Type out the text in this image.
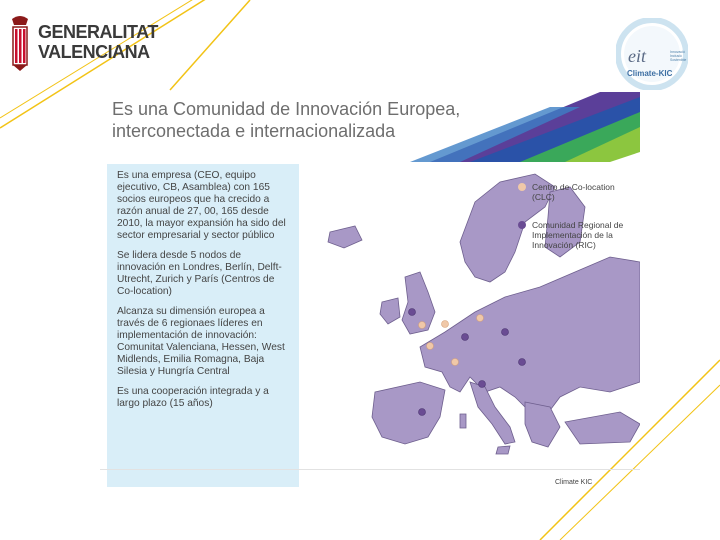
GENERALITAT
VALENCIANA	eit	Innovació Inclusió Sostenible
Climate-KIC
Es una Comunidad de Innovación Europea,
interconectada e internacionalizada
Es una empresa (CEO, equipo ejecutivo, CB, Asamblea) con 165 socios europeos que ha crecido a razón anual de 27, 00, 165 desde 2010, la mayor expansión ha sido del sector empresarial y sector público
Se lidera desde 5 nodos de innovación en Londres, Berlín, Delft-Utrecht, Zurich y París (Centros de Co-location)
Alcanza su dimensión europea a través de 6 regionaes líderes en implementación de innovación: Comunitat Valenciana, Hessen, West Midlends, Emilia Romagna, Baja Silesia y Hungría Central
Es una cooperación integrada y a largo plazo (15 años)
Centro de Co-location (CLC)
Comunidad Regional de Implementación de la Innovación (RIC)
Climate KIC
